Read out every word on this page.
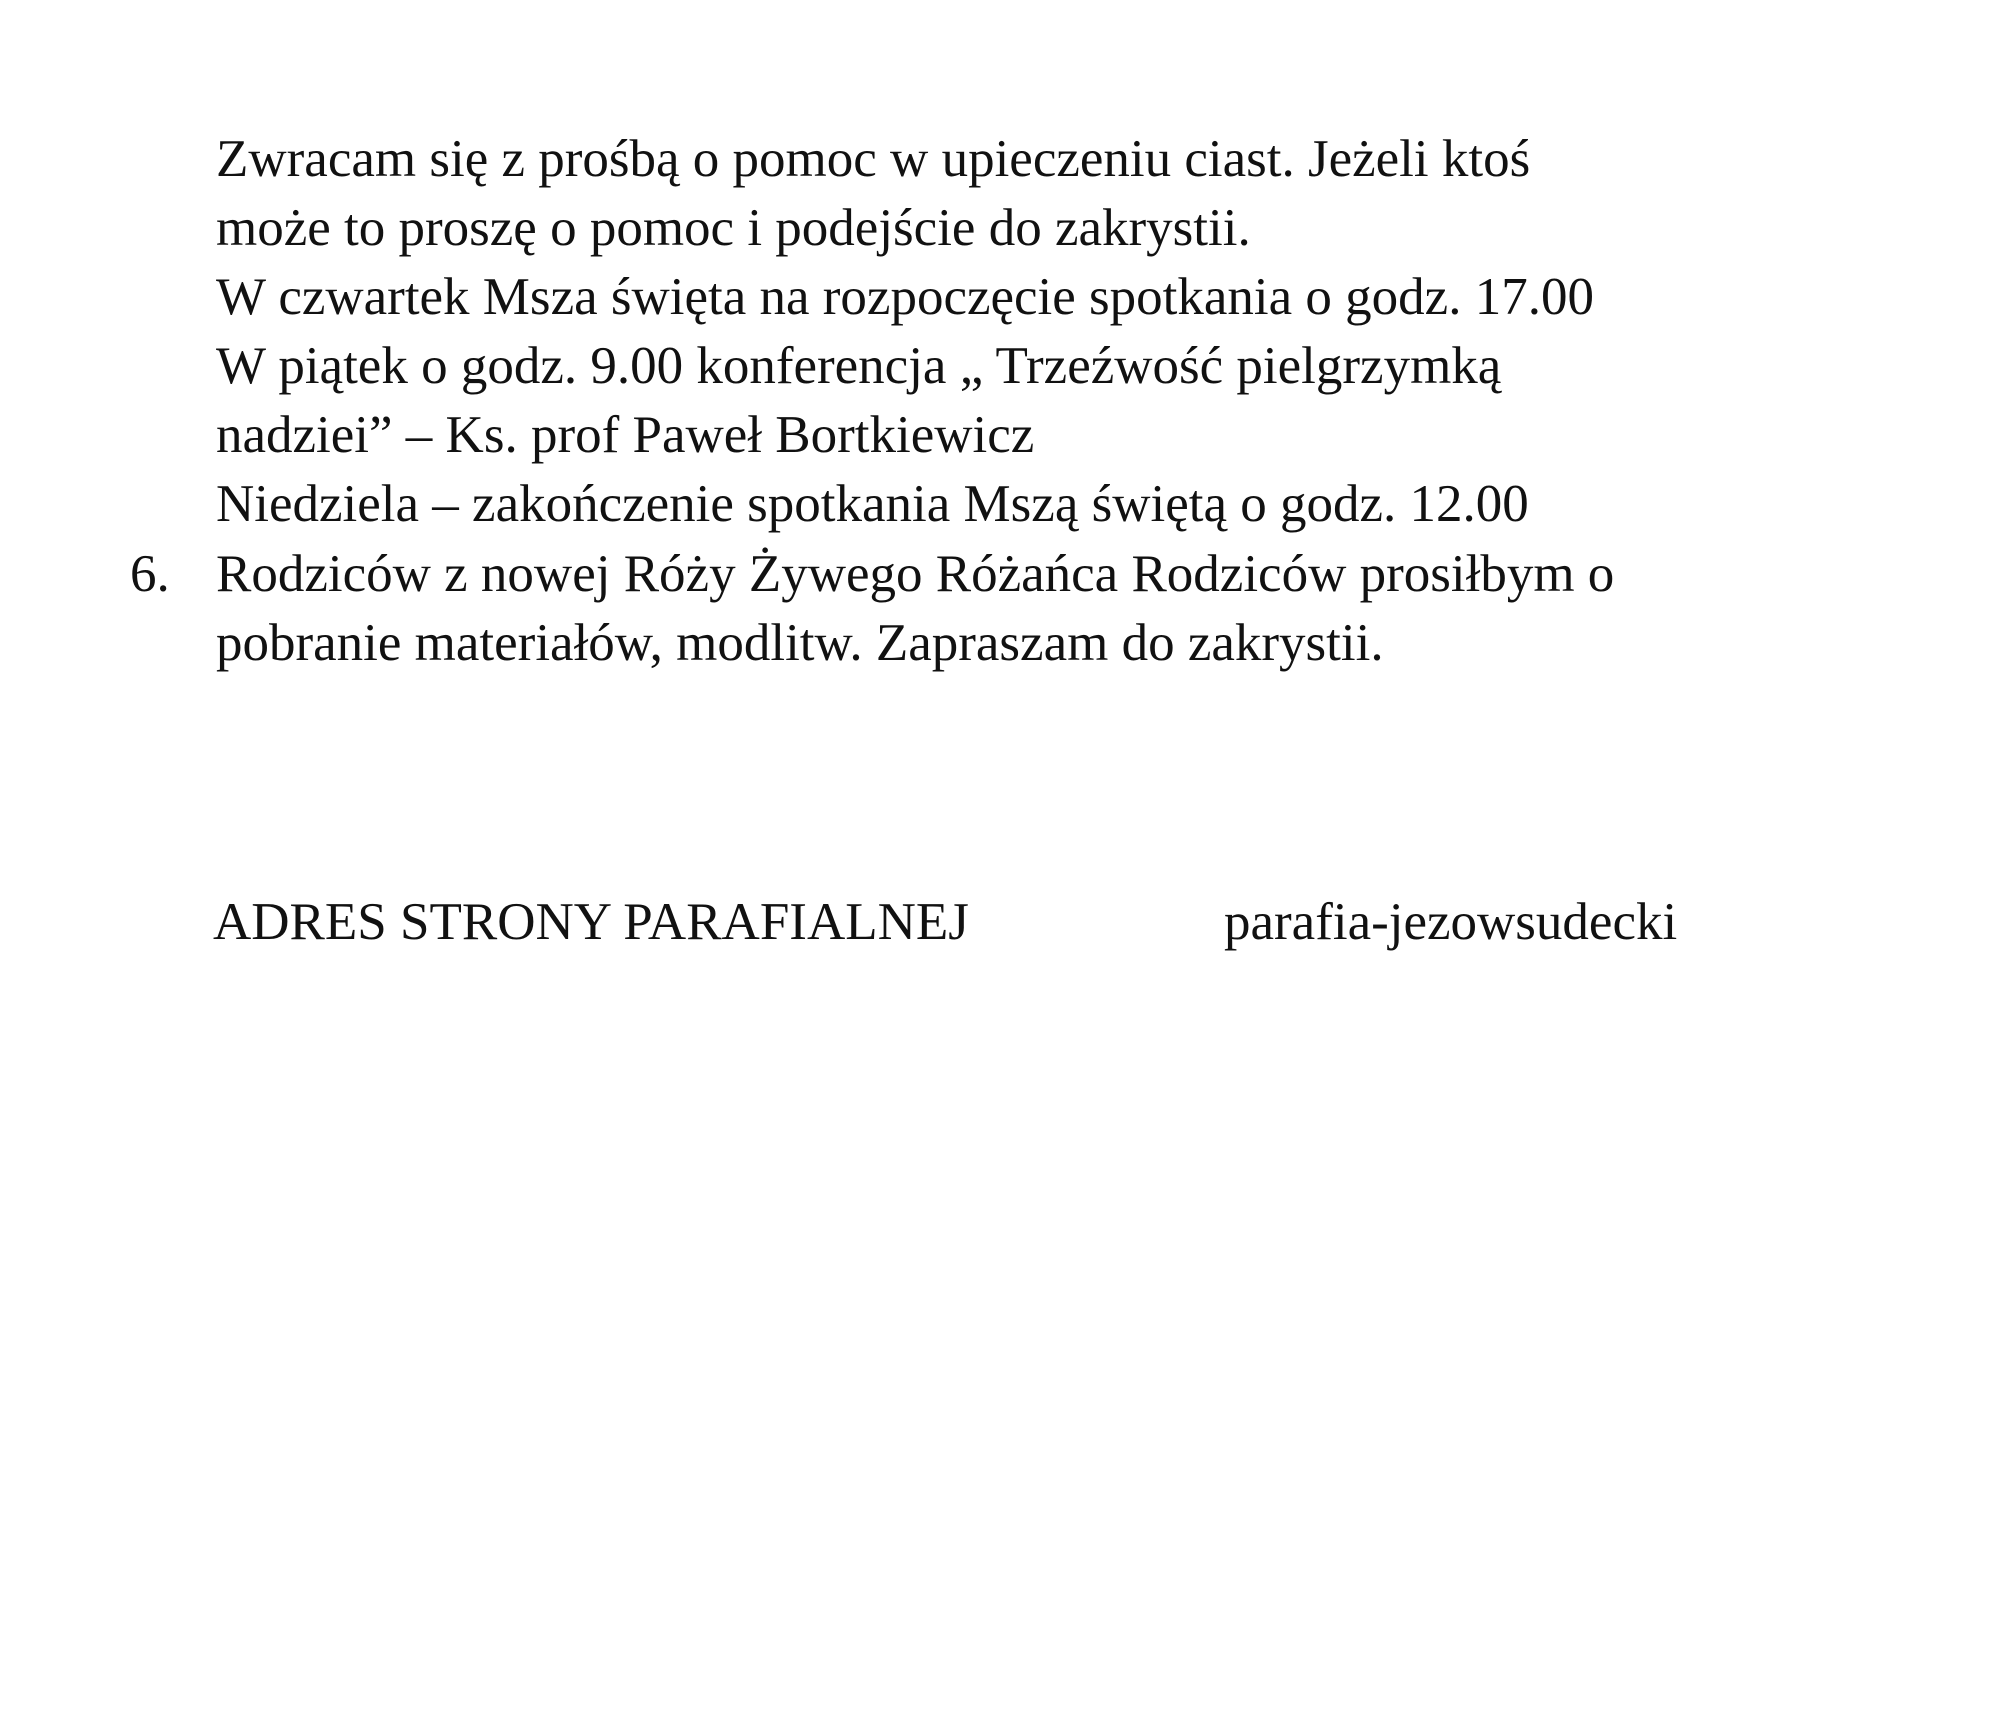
Zwracam się z prośbą o pomoc w upieczeniu ciast. Jeżeli ktoś
może to proszę o pomoc i podejście do zakrystii.
W czwartek Msza święta na rozpoczęcie spotkania o godz. 17.00
W piątek o godz. 9.00 konferencja „ Trzeźwość pielgrzymką
nadziei” – Ks. prof Paweł Bortkiewicz
Niedziela – zakończenie spotkania Mszą świętą o godz. 12.00
6. Rodziców z nowej Róży Żywego Różańca Rodziców prosiłbym o
pobranie materiałów, modlitw. Zapraszam do zakrystii.
ADRES STRONY PARAFIALNEJ	parafia-jezowsudecki
